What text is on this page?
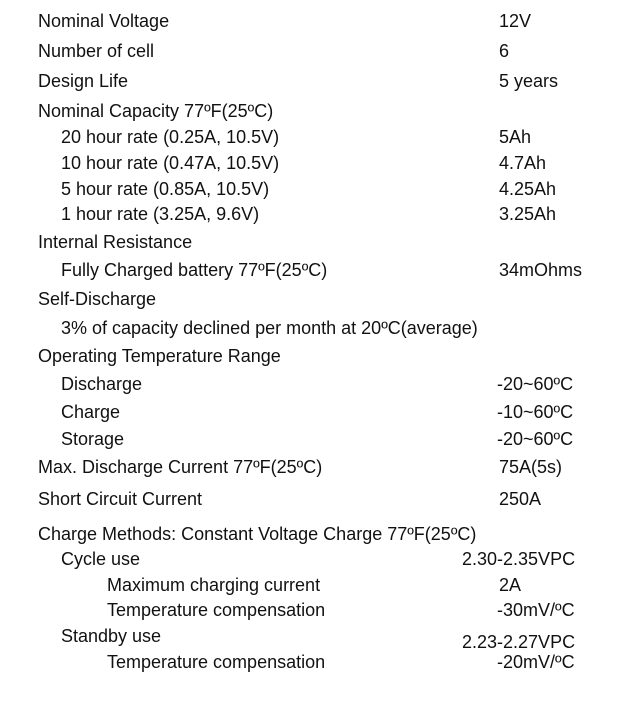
Nominal Voltage	12V
Number of cell	6
Design Life	5 years
Nominal Capacity 77ºF(25ºC)
20 hour rate (0.25A, 10.5V)	5Ah
10 hour rate (0.47A, 10.5V)	4.7Ah
5 hour rate (0.85A, 10.5V)	4.25Ah
1 hour rate (3.25A, 9.6V)	3.25Ah
Internal Resistance
Fully Charged battery 77ºF(25ºC)	34mOhms
Self-Discharge
3% of capacity declined per month at 20ºC(average)
Operating Temperature Range
Discharge	-20~60ºC
Charge	-10~60ºC
Storage	-20~60ºC
Max. Discharge Current 77ºF(25ºC)	75A(5s)
Short Circuit Current	250A
Charge Methods: Constant Voltage Charge 77ºF(25ºC)
Cycle use	2.30-2.35VPC
Maximum charging current	2A
Temperature compensation	-30mV/ºC
Standby use	2.23-2.27VPC
Temperature compensation	-20mV/ºC
